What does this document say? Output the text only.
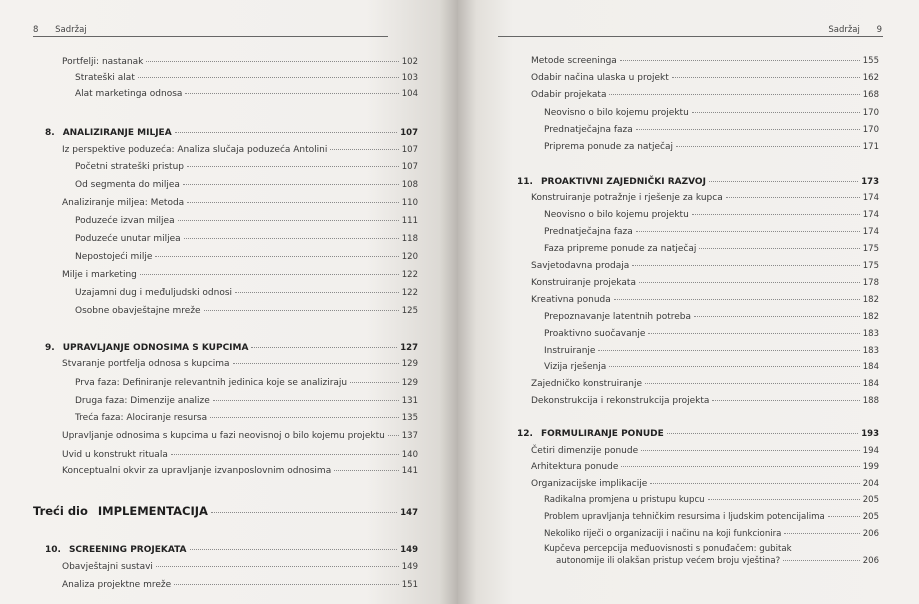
8 Sadržaj
Portfelji: nastanak	102
Strateški alat	103
Alat marketinga odnosa	104
8. ANALIZIRANJE MILJEA	107
Iz perspektive poduzeća: Analiza slučaja poduzeća Antolini	107
Početni strateški pristup	107
Od segmenta do miljea	108
Analiziranje miljea: Metoda	110
Poduzeće izvan miljea	111
Poduzeće unutar miljea	118
Nepostojeći milje	120
Milje i marketing	122
Uzajamni dug i međuljudski odnosi	122
Osobne obavještajne mreže	125
9. UPRAVLJANJE ODNOSIMA S KUPCIMA	127
Stvaranje portfelja odnosa s kupcima	129
Prva faza: Definiranje relevantnih jedinica koje se analiziraju	129
Druga faza: Dimenzije analize	131
Treća faza: Alociranje resursa	135
Upravljanje odnosima s kupcima u fazi neovisnoj o bilo kojemu projektu 137
Uvid u konstrukt rituala	140
Konceptualni okvir za upravljanje izvanposlovnim odnosima	141
Treći dio IMPLEMENTACIJA	147
10. SCREENING PROJEKATA	149
Obavještajni sustavi	149
Analiza projektne mreže	151
Sadržaj 9
Metode screeninga	155
Odabir načina ulaska u projekt	162
Odabir projekata	168
Neovisno o bilo kojemu projektu	170
Prednatječajna faza	170
Priprema ponude za natječaj	171
11. PROAKTIVNI ZAJEDNIČKI RAZVOJ	173
Konstruiranje potražnje i rješenje za kupca	174
Neovisno o bilo kojemu projektu	174
Prednatječajna faza	174
Faza pripreme ponude za natječaj	175
Savjetodavna prodaja	175
Konstruiranje projekata	178
Kreativna ponuda	182
Prepoznavanje latentnih potreba	182
Proaktivno suočavanje	183
Instruiranje	183
Vizija rješenja	184
Zajedničko konstruiranje	184
Dekonstrukcija i rekonstrukcija projekta	188
12. FORMULIRANJE PONUDE	193
Četiri dimenzije ponude	194
Arhitektura ponude	199
Organizacijske implikacije	204
Radikalna promjena u pristupu kupcu	205
Problem upravljanja tehničkim resursima i ljudskim potencijalima	205
Nekoliko riječi o organizaciji i načinu na koji funkcionira	206
Kupčeva percepcija međuovisnosti s ponuđačem: gubitak
autonomije ili olakšan pristup većem broju vještina?	206
